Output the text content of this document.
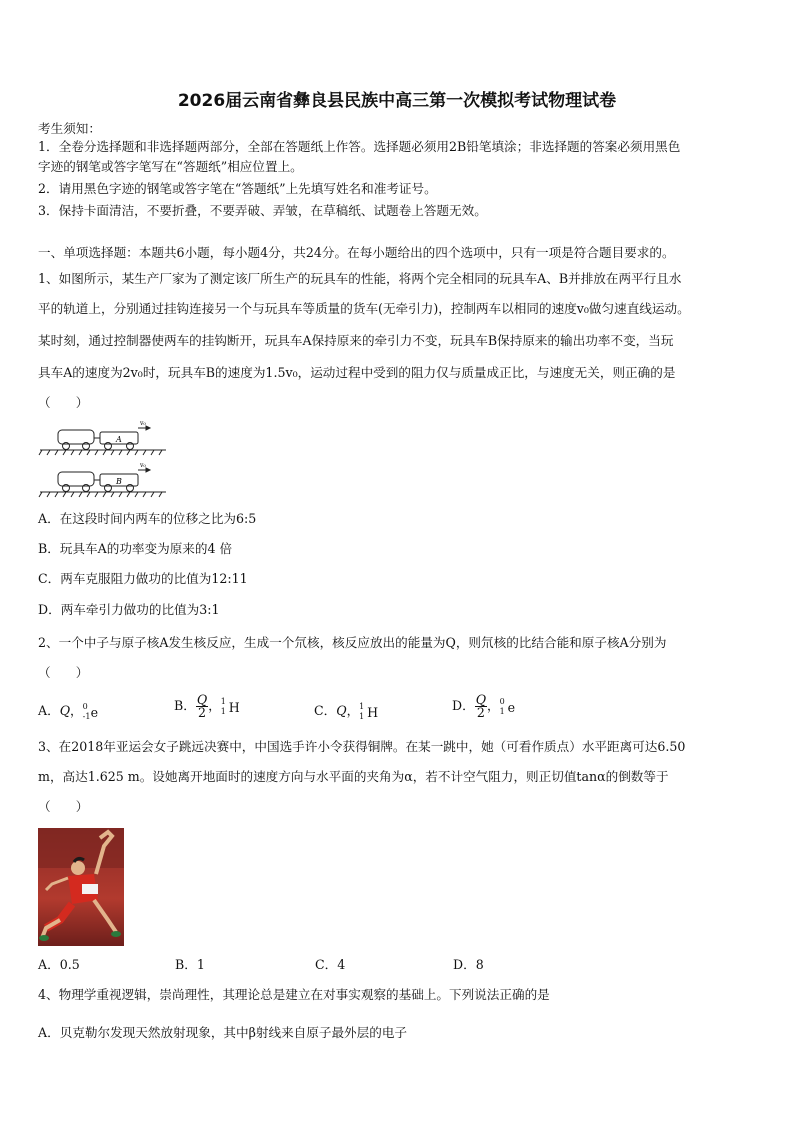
2026届云南省彝良县民族中高三第一次模拟考试物理试卷
考生须知：
1．全卷分选择题和非选择题两部分，全部在答题纸上作答。选择题必须用2B铅笔填涂；非选择题的答案必须用黑色
字迹的钢笔或答字笔写在“答题纸”相应位置上。
2．请用黑色字迹的钢笔或答字笔在“答题纸”上先填写姓名和准考证号。
3．保持卡面清洁，不要折叠，不要弄破、弄皱，在草稿纸、试题卷上答题无效。
一、单项选择题：本题共6小题，每小题4分，共24分。在每小题给出的四个选项中，只有一项是符合题目要求的。
1、如图所示，某生产厂家为了测定该厂所生产的玩具车的性能，将两个完全相同的玩具车A、B并排放在两平行且水
平的轨道上，分别通过挂钩连接另一个与玩具车等质量的货车(无牵引力)，控制两车以相同的速度v₀做匀速直线运动。
某时刻，通过控制器使两车的挂钩断开，玩具车A保持原来的牵引力不变，玩具车B保持原来的输出功率不变，当玩
具车A的速度为2v₀时，玩具车B的速度为1.5v₀，运动过程中受到的阻力仅与质量成正比，与速度无关，则正确的是
（　　）
v₀
A
v₀
B
A．在这段时间内两车的位移之比为6:5
B．玩具车A的功率变为原来的4 倍
C．两车克服阻力做功的比值为12:11
D．两车牵引力做功的比值为3:1
2、一个中子与原子核A发生核反应，生成一个氘核，核反应放出的能量为Q，则氘核的比结合能和原子核A分别为
（　　）
A．Q， 0
-1 e	B． $\frac{Q}{2}$ ， 1
1 H	C．Q， 1
1 H	D． $\frac{Q}{2}$ ， 0
1 e
3、在2018年亚运会女子跳远决赛中，中国选手许小令获得铜牌。在某一跳中，她（可看作质点）水平距离可达6.50
m，高达1.625 m。设她离开地面时的速度方向与水平面的夹角为α，若不计空气阻力，则正切值tanα的倒数等于
（　　）
A．0.5	B．1	C．4	D．8
4、物理学重视逻辑，崇尚理性，其理论总是建立在对事实观察的基础上。下列说法正确的是
A．贝克勒尔发现天然放射现象，其中β射线来自原子最外层的电子
